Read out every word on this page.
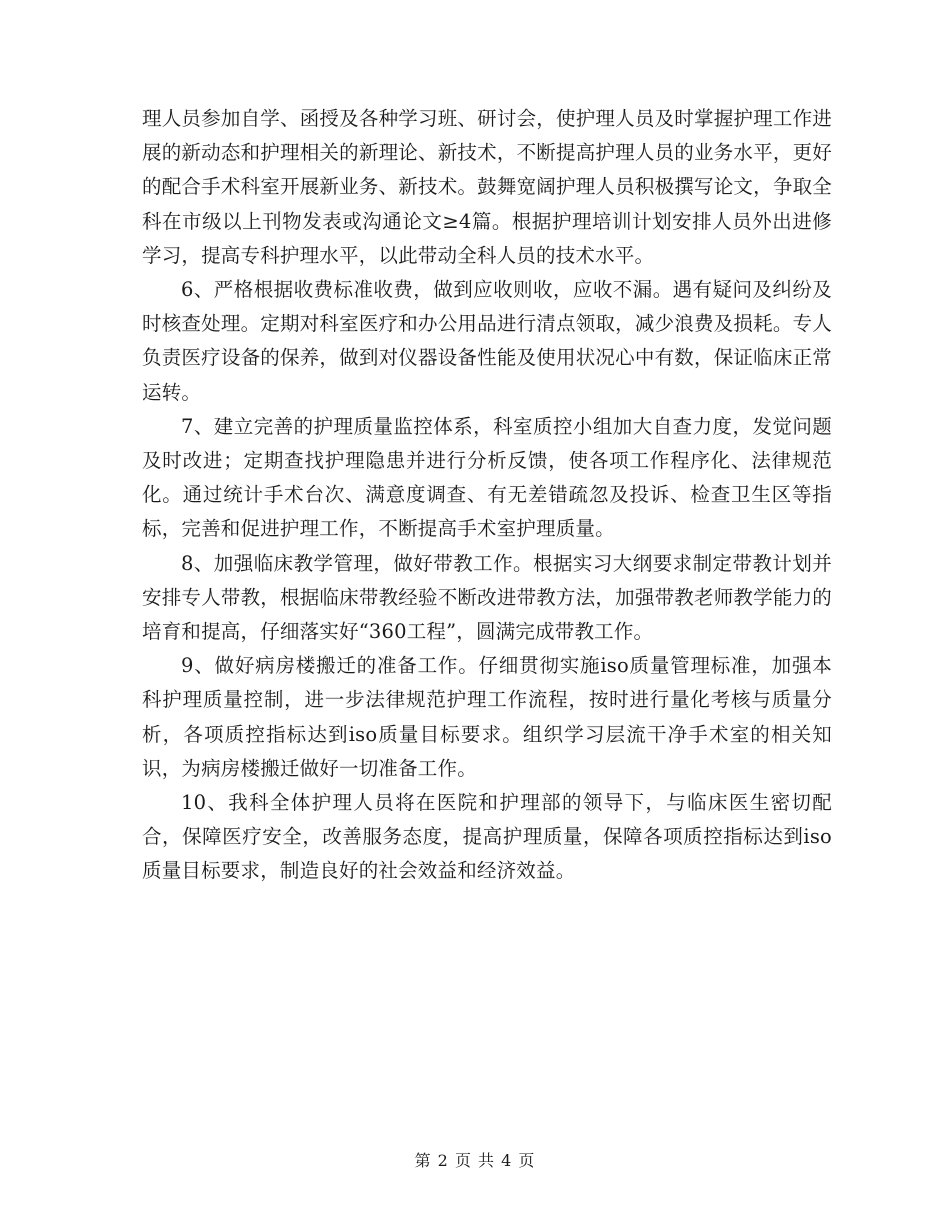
理人员参加自学、函授及各种学习班、研讨会，使护理人员及时掌握护理工作进展的新动态和护理相关的新理论、新技术，不断提高护理人员的业务水平，更好的配合手术科室开展新业务、新技术。鼓舞宽阔护理人员积极撰写论文，争取全科在市级以上刊物发表或沟通论文≥4篇。根据护理培训计划安排人员外出进修学习，提高专科护理水平，以此带动全科人员的技术水平。

6、严格根据收费标准收费，做到应收则收，应收不漏。遇有疑问及纠纷及时核查处理。定期对科室医疗和办公用品进行清点领取，减少浪费及损耗。专人负责医疗设备的保养，做到对仪器设备性能及使用状况心中有数，保证临床正常运转。

7、建立完善的护理质量监控体系，科室质控小组加大自查力度，发觉问题及时改进；定期查找护理隐患并进行分析反馈，使各项工作程序化、法律规范化。通过统计手术台次、满意度调查、有无差错疏忽及投诉、检查卫生区等指标，完善和促进护理工作，不断提高手术室护理质量。

8、加强临床教学管理，做好带教工作。根据实习大纲要求制定带教计划并安排专人带教，根据临床带教经验不断改进带教方法，加强带教老师教学能力的培育和提高，仔细落实好“360工程”，圆满完成带教工作。

9、做好病房楼搬迁的准备工作。仔细贯彻实施iso质量管理标准，加强本科护理质量控制，进一步法律规范护理工作流程，按时进行量化考核与质量分析，各项质控指标达到iso质量目标要求。组织学习层流干净手术室的相关知识，为病房楼搬迁做好一切准备工作。

10、我科全体护理人员将在医院和护理部的领导下，与临床医生密切配合，保障医疗安全，改善服务态度，提高护理质量，保障各项质控指标达到iso质量目标要求，制造良好的社会效益和经济效益。

第 2 页 共 4 页
